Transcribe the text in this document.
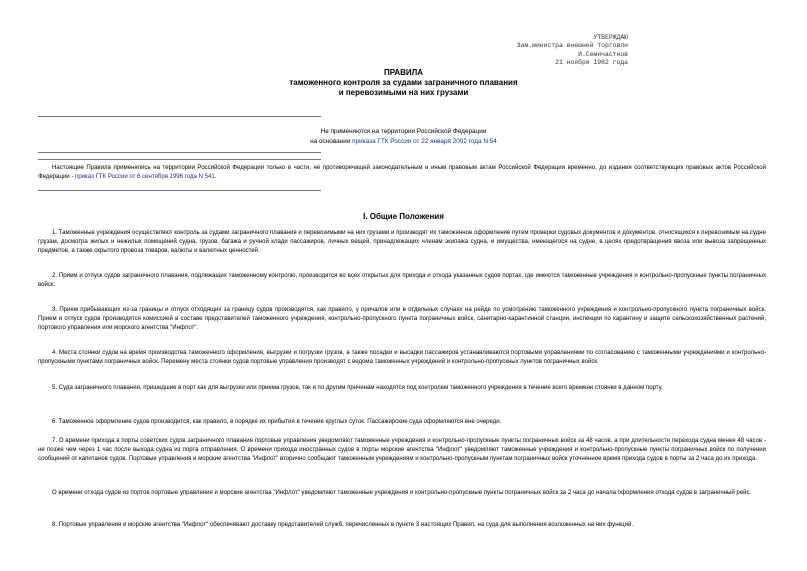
УТВЕРЖДАЮ
Зам.министра внешней торговли
И.Семичастнов
21 ноября 1962 года
ПРАВИЛА
таможенного контроля за судами заграничного плавания
и перевозимыми на них грузами
Не применяются на территории Российской Федерации
на основании приказа ГТК России от 22 января 2002 года N 54
Настоящие Правила применялись на территории Российской Федерации только в части, не противоречащей законодательным и иным правовым актам Российской Федерации временно, до издания соответствующих правовых актов Российской Федерации - приказ ГТК России от 6 сентября 1996 года N 541.
I. Общие Положения
1. Таможенные учреждения осуществляют контроль за судами заграничного плавания и перевозимыми на них грузами и производят их таможенное оформление путем проверки судовых документов и документов, относящихся к перевозимым на судне грузам, досмотра жилых и нежилых помещений судна, грузов, багажа и ручной клади пассажиров, личных вещей, принадлежащих членам экипажа судна, и имущества, имеющегося на судне, в целях предотвращения ввоза или вывоза запрещенных предметов, а также скрытого провоза товаров, валюты и валютных ценностей.
2. Прием и отпуск судов заграничного плавания, подлежащих таможенному контролю, производятся во всех открытых для прихода и отхода указанных судов портах, где имеются таможенные учреждения и контрольно-пропускные пункты пограничных войск.
3. Прием прибывающих из-за границы и отпуск отходящих за границу судов производятся, как правило, у причалов или в отдельных случаях на рейде по усмотрению таможенного учреждения и контрольно-пропускного пункта пограничных войск. Прием и отпуск судов производятся комиссией в составе представителей таможенного учреждения, контрольно-пропускного пункта пограничных войск, санитарно-карантинной станции, инспекции по карантину и защите сельскохозяйственных растений, портового управления или морского агентства "Инфлот".
4. Места стоянки судов на время производства таможенного оформления, выгрузки и погрузки грузов, а также посадки и высадки пассажиров устанавливаются портовыми управлениями по согласованию с таможенными учреждениями и контрольно-пропускными пунктами пограничных войск. Перемену места стоянки судов портовые управления производят с ведома таможенных учреждений и контрольно-пропускных пунктов пограничных войск.
5. Суда заграничного плавания, пришедшие в порт как для выгрузки или приема грузов, так и по другим причинам находятся под контролем таможенного учреждения в течение всего времени стоянки в данном порту.
6. Таможенное оформление судов производится, как правило, в порядке их прибытия в течение круглых суток. Пассажирские суда оформляются вне очереди.
7. О времени прихода в порты советских судов заграничного плавания портовые управления уведомляют таможенные учреждения и контрольно-пропускные пункты пограничных войск за 48 часов, а при длительности перехода судна менее 48 часов - не позже чем через 1 час после выхода судна из порта отправления. О времени прихода иностранных судов в порты морские агентства "Инфлот" уведомляют таможенные учреждения и контрольно-пропускные пункты пограничных войск по получении сообщений от капитанов судов. Портовые управления и морские агентства "Инфлот" вторично сообщают таможенным учреждениям и контрольно-пропускным пунктам пограничных войск уточненное время прихода судов в порты за 2 часа до их прихода.
О времени отхода судов из портов портовые управления и морские агентства "Инфлот" уведомляют таможенные учреждения и контрольно-пропускные пункты пограничных войск за 2 часа до начала оформления отхода судов в заграничный рейс.
8. Портовые управления и морские агентства "Инфлот" обеспечивают доставку представителей служб, перечисленных в пункте 3 настоящих Правил, на суда для выполнения возложенных на них функций.
